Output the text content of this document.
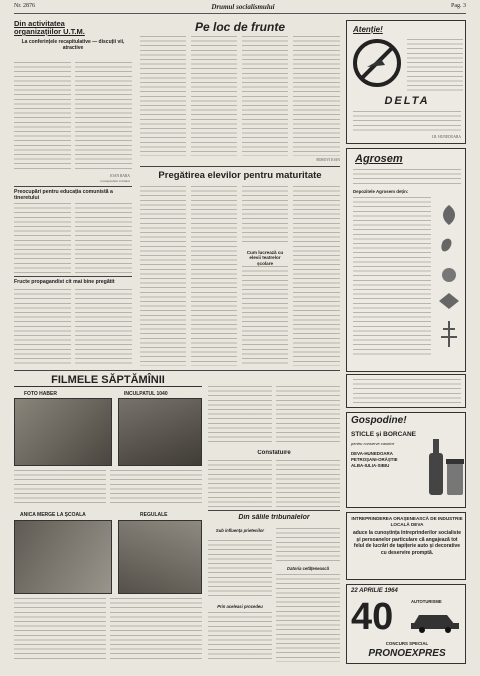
Nr. 2876	Drumul socialismului	Pag. 3
Din activitatea
organizațiilor U.T.M.
La conferințele recapitulative — discuții vii, atractive
IOAN BARA
corespondent voluntar
Preocupări pentru educația comunistă a tineretului
Fructe propagandist cit mai bine pregătit
Pe loc de frunte
BOROVI IOAN
Pregătirea elevilor pentru maturitate
Cum lucrează cu elevii teatrelor școlare
FILMELE SĂPTĂMÎNII
FOTO HABER	INCULPATUL 1040
ANICA MERGE LA ȘCOALĂ	REGULALE
Consfătuire
Din sălile tribunalelor
Sub influența prietenilor
Prin aceleasi procedeu
Datoria cetățenească
Atenție!
DELTA
I.R. HUNEDOARA
Agrosem
Depozitele Agrosem dețin:
Gospodine!
STICLE și BORCANE
pentru conserve casnice
DEVA-HUNEDOARA
PETROȘANI-ORĂȘTIE
ALBA-IULIA-SIBIU
INTREPRINDEREA ORAȘENEASCĂ DE INDUSTRIE LOCALĂ DEVA
aduce la cunoștința întreprinderilor socialiste și persoanelor particulare că angajează tot felul de lucrări de tapițerie auto și decorative cu deservire promptă.
22 APRILIE 1964
40	AUTOTURISME
CONCURS SPECIAL
PRONOEXPRES
